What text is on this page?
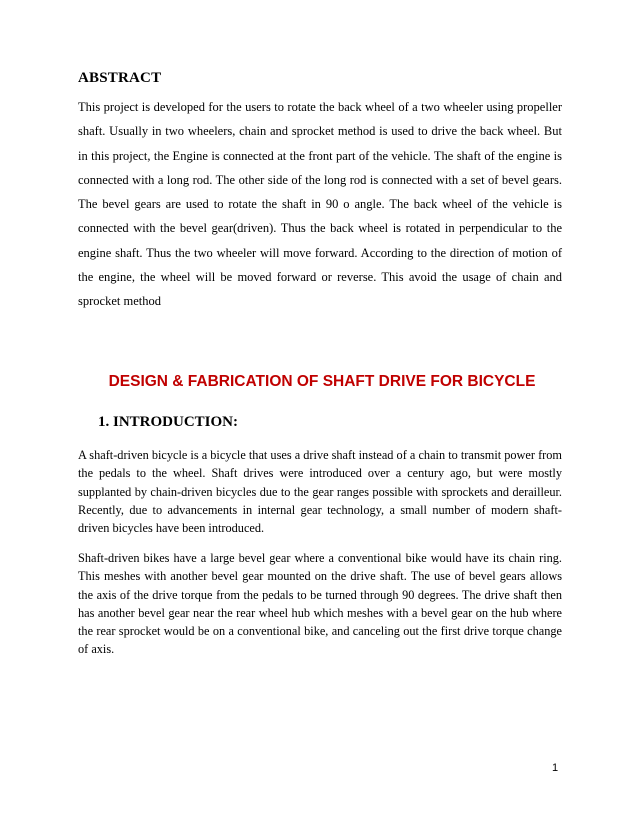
ABSTRACT

This project is developed for the users to rotate the back wheel of a two wheeler using propeller shaft. Usually in two wheelers, chain and sprocket method is used to drive the back wheel. But in this project, the Engine is connected at the front part of the vehicle. The shaft of the engine is connected with a long rod. The other side of the long rod is connected with a set of bevel gears. The bevel gears are used to rotate the shaft in 90 o angle. The back wheel of the vehicle is connected with the bevel gear(driven). Thus the back wheel is rotated in perpendicular to the engine shaft. Thus the two wheeler will move forward. According to the direction of motion of the engine, the wheel will be moved forward or reverse. This avoid the usage of chain and sprocket method

DESIGN & FABRICATION OF SHAFT DRIVE FOR BICYCLE
1. INTRODUCTION:

A shaft-driven bicycle is a bicycle that uses a drive shaft instead of a chain to transmit power from the pedals to the wheel. Shaft drives were introduced over a century ago, but were mostly supplanted by chain-driven bicycles due to the gear ranges possible with sprockets and derailleur. Recently, due to advancements in internal gear technology, a small number of modern shaft-driven bicycles have been introduced.

Shaft-driven bikes have a large bevel gear where a conventional bike would have its chain ring. This meshes with another bevel gear mounted on the drive shaft. The use of bevel gears allows the axis of the drive torque from the pedals to be turned through 90 degrees. The drive shaft then has another bevel gear near the rear wheel hub which meshes with a bevel gear on the hub where the rear sprocket would be on a conventional bike, and canceling out the first drive torque change of axis.

1
